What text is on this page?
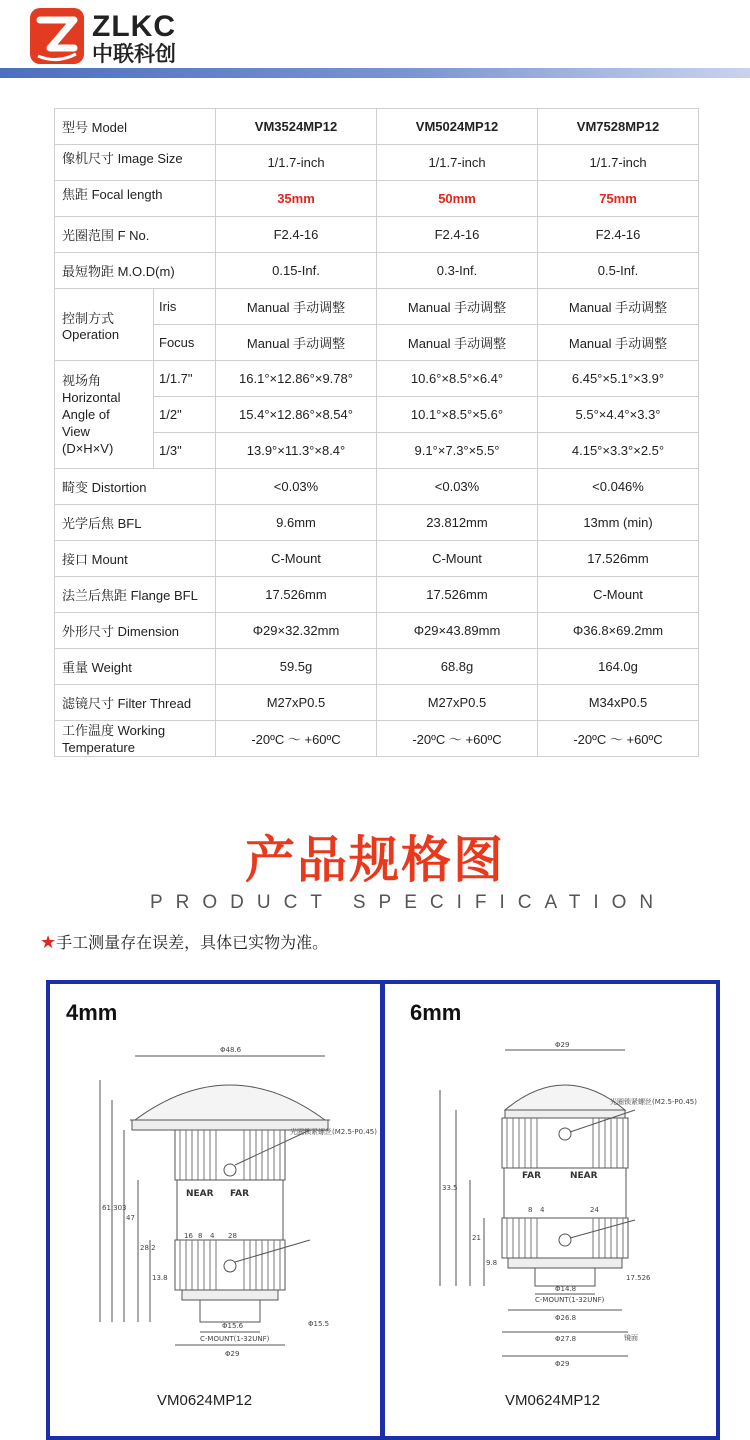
ZLKC
中联科创
型号 Model		VM3524MP12	VM5024MP12	VM7528MP12
像机尺寸 Image Size		1/1.7-inch	1/1.7-inch	1/1.7-inch
焦距 Focal length		35mm	50mm	75mm
光圈范围 F No.		F2.4-16	F2.4-16	F2.4-16
最短物距 M.O.D(m)		0.15-Inf.	0.3-Inf.	0.5-Inf.
控制方式
Operation	Iris	Manual 手动调整	Manual 手动调整	Manual 手动调整
	Focus	Manual 手动调整	Manual 手动调整	Manual 手动调整
视场角
Horizontal
Angle of
View
(D×H×V)	1/1.7"	16.1°×12.86°×9.78°	10.6°×8.5°×6.4°	6.45°×5.1°×3.9°
	1/2"	15.4°×12.86°×8.54°	10.1°×8.5°×5.6°	5.5°×4.4°×3.3°
	1/3"	13.9°×11.3°×8.4°	9.1°×7.3°×5.5°	4.15°×3.3°×2.5°
畸变 Distortion		<0.03%	<0.03%	<0.046%
光学后焦 BFL		9.6mm	23.812mm	13mm (min)
接口 Mount		C-Mount	C-Mount	17.526mm
法兰后焦距 Flange BFL		17.526mm	17.526mm	C-Mount
外形尺寸 Dimension		Φ29×32.32mm	Φ29×43.89mm	Φ36.8×69.2mm
重量 Weight		59.5g	68.8g	164.0g
滤镜尺寸 Filter Thread		M27xP0.5	M27xP0.5	M34xP0.5
工作温度 Working
Temperature		-20ºC ～ +60ºC	-20ºC ～ +60ºC	-20ºC ～ +60ºC
产品规格图
PRODUCT SPECIFICATION
★手工测量存在误差，具体已实物为准。
4mm	6mm
Φ48.6
Φ29
Φ15.6
C-MOUNT(1-32UNF)
Φ15.5
28
4
8
16
61.303
47
28.2
13.8
光圈锁紧螺丝(M2.5-P0.45)
NEAR FAR
Φ29
Φ14.8
C-MOUNT(1-32UNF)
Φ26.8
Φ27.8
Φ29
24
8 4
33.5
21
9.8
17.526
光圈锁紧螺丝(M2.5-P0.45)
镜面
FAR	NEAR
VM0624MP12	VM0624MP12
